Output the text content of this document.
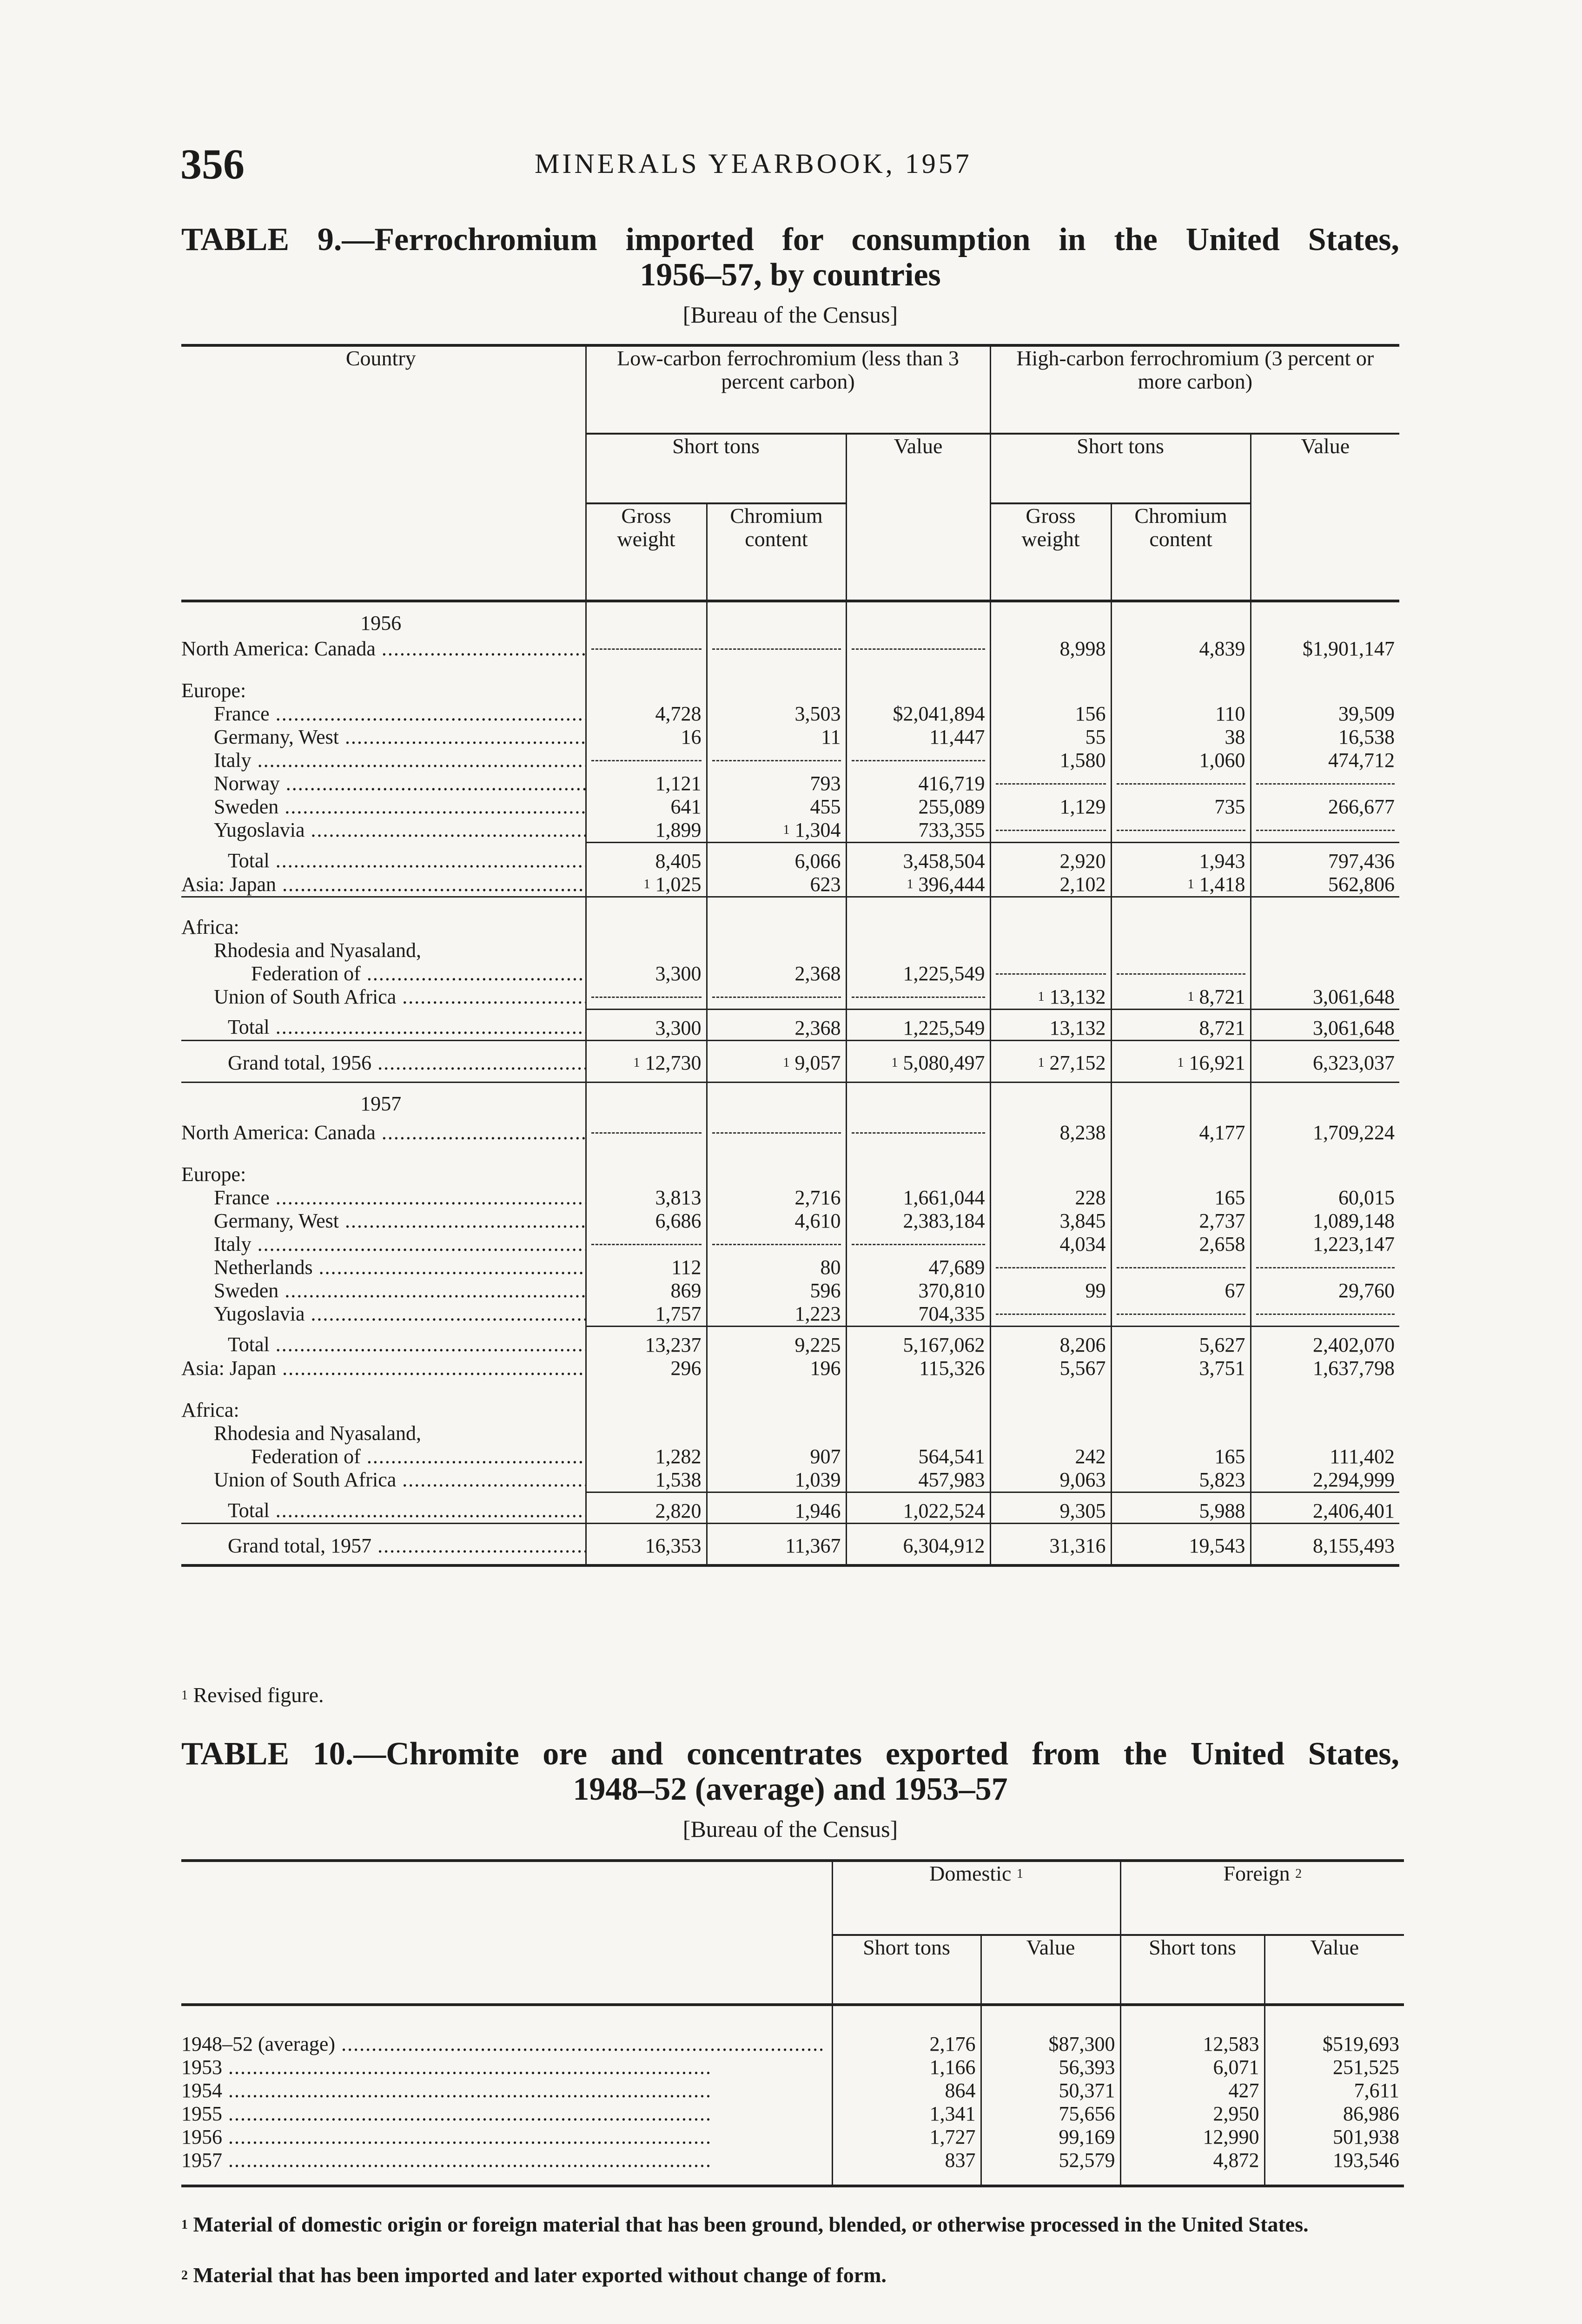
356	MINERALS YEARBOOK, 1957
TABLE 9.—Ferrochromium imported for consumption in the United States,
1956–57, by countries
[Bureau of the Census]
Country	Low-carbon ferrochromium (less than 3 percent carbon)			High-carbon ferrochromium (3 percent or more carbon)		
	Short tons		Value	Short tons		Value
	Gross weight	Chromium content		Gross weight	Chromium content	
1956						
North America: Canada .....				8,998	4,839	$1,901,147

Europe:						
France .....	4,728	3,503	$2,041,894	156	110	39,509
Germany, West .....	16	11	11,447	55	38	16,538
Italy .....				1,580	1,060	474,712
Norway .....	1,121	793	416,719	

Sweden .....	641	455	255,089	1,129	735	266,677
Yugoslavia .....	1,899	$^1$ 1,304	733,355	

Total .....	8,405	6,066	3,458,504	2,920	1,943	797,436
Asia: Japan .....	$^1$ 1,025	623	$^1$ 396,444	2,102	$^1$ 1,418	562,806

Africa:						
Rhodesia and Nyasaland,						
Federation of .....	3,300	2,368	1,225,549	

Union of South Africa .....				$^1$ 13,132	$^1$ 8,721	3,061,648
Total .....	3,300	2,368	1,225,549	13,132	8,721	3,061,648
Grand total, 1956 .....	$^1$ 12,730	$^1$ 9,057	$^1$ 5,080,497	$^1$ 27,152	$^1$ 16,921	6,323,037
1957						
North America: Canada .....				8,238	4,177	1,709,224

Europe:						
France .....	3,813	2,716	1,661,044	228	165	60,015
Germany, West .....	6,686	4,610	2,383,184	3,845	2,737	1,089,148
Italy .....				4,034	2,658	1,223,147
Netherlands .....	112	80	47,689	

Sweden .....	869	596	370,810	99	67	29,760
Yugoslavia .....	1,757	1,223	704,335	

Total .....	13,237	9,225	5,167,062	8,206	5,627	2,402,070
Asia: Japan .....	296	196	115,326	5,567	3,751	1,637,798

Africa:						
Rhodesia and Nyasaland,						
Federation of .....	1,282	907	564,541	242	165	111,402
Union of South Africa .....	1,538	1,039	457,983	9,063	5,823	2,294,999
Total .....	2,820	1,946	1,022,524	9,305	5,988	2,406,401
Grand total, 1957 .....	16,353	11,367	6,304,912	31,316	19,543	8,155,493
$^1$ Revised figure.
TABLE 10.—Chromite ore and concentrates exported from the United States,
1948–52 (average) and 1953–57
[Bureau of the Census]
	Domestic $^1$		Foreign $^2$
	Short tons	Value	Short tons	Value

1948–52 (average) .....	2,176	$87,300	12,583	$519,693
1953 .....	1,166	56,393	6,071	251,525
1954 .....	864	50,371	427	7,611
1955 .....	1,341	75,656	2,950	86,986
1956 .....	1,727	99,169	12,990	501,938
1957 .....	837	52,579	4,872	193,546

$^1$ Material of domestic origin or foreign material that has been ground, blended, or otherwise processed in the United States.
$^2$ Material that has been imported and later exported without change of form.
